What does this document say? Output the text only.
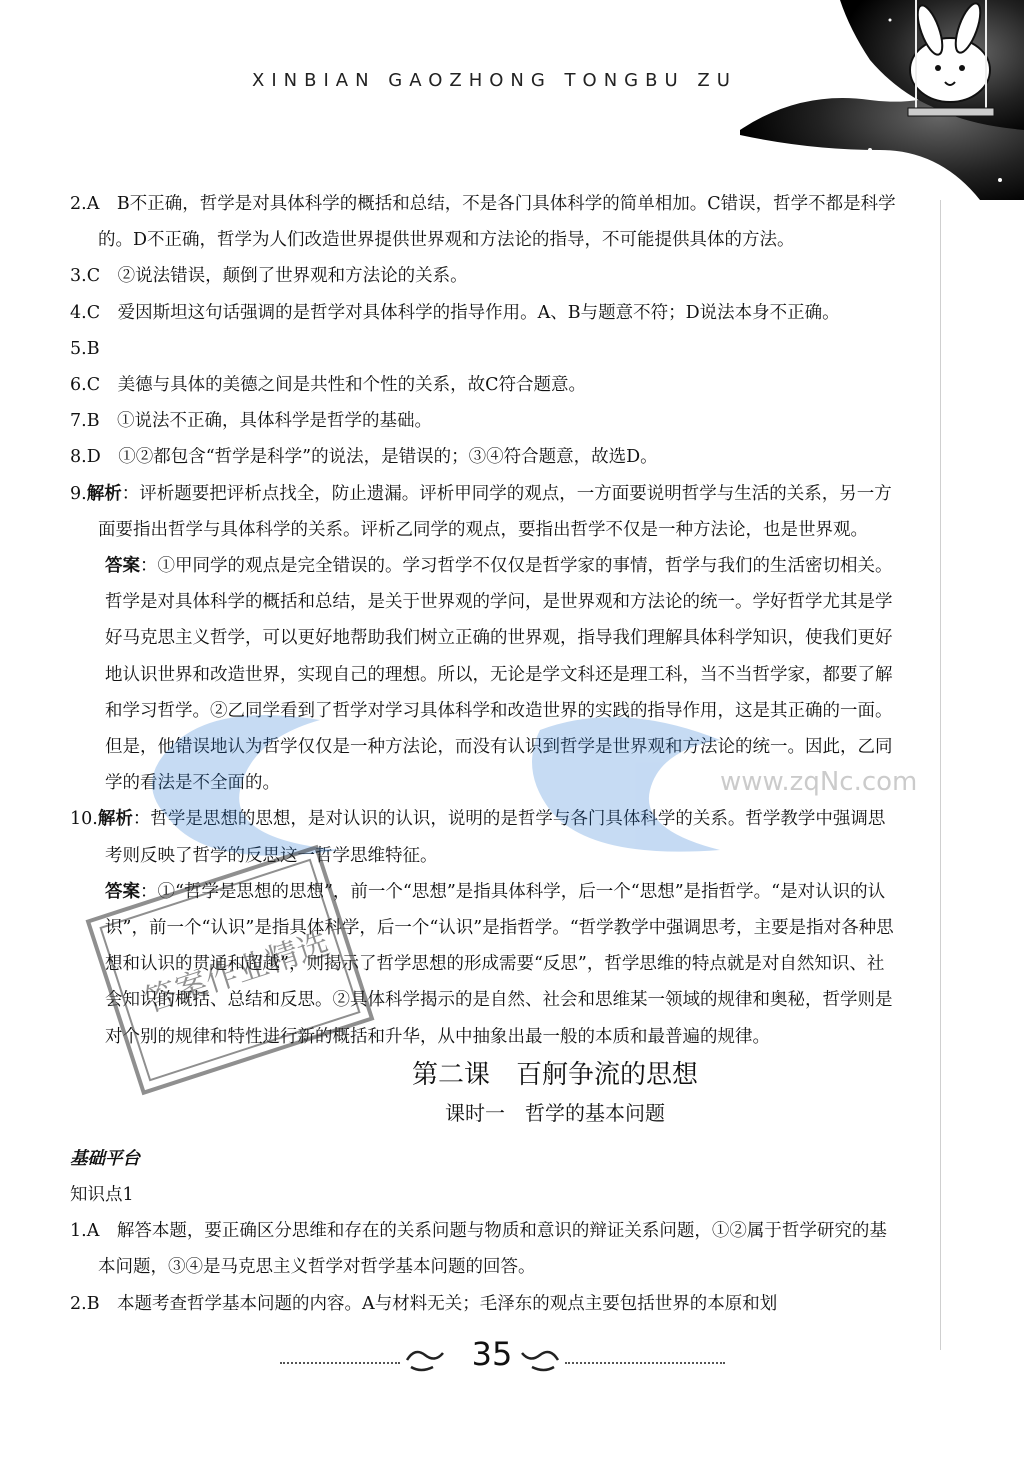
XINBIAN GAOZHONG TONGBU ZU

2.A　B不正确，哲学是对具体科学的概括和总结，不是各门具体科学的简单相加。C错误，哲学不都是科学的。D不正确，哲学为人们改造世界提供世界观和方法论的指导，不可能提供具体的方法。

3.C　②说法错误，颠倒了世界观和方法论的关系。

4.C　爱因斯坦这句话强调的是哲学对具体科学的指导作用。A、B与题意不符；D说法本身不正确。

5.B

6.C　美德与具体的美德之间是共性和个性的关系，故C符合题意。

7.B　①说法不正确，具体科学是哲学的基础。

8.D　①②都包含“哲学是科学”的说法，是错误的；③④符合题意，故选D。

9.解析：评析题要把评析点找全，防止遗漏。评析甲同学的观点，一方面要说明哲学与生活的关系，另一方面要指出哲学与具体科学的关系。评析乙同学的观点，要指出哲学不仅是一种方法论，也是世界观。

答案：①甲同学的观点是完全错误的。学习哲学不仅仅是哲学家的事情，哲学与我们的生活密切相关。哲学是对具体科学的概括和总结，是关于世界观的学问，是世界观和方法论的统一。学好哲学尤其是学好马克思主义哲学，可以更好地帮助我们树立正确的世界观，指导我们理解具体科学知识，使我们更好地认识世界和改造世界，实现自己的理想。所以，无论是学文科还是理工科，当不当哲学家，都要了解和学习哲学。②乙同学看到了哲学对学习具体科学和改造世界的实践的指导作用，这是其正确的一面。但是，他错误地认为哲学仅仅是一种方法论，而没有认识到哲学是世界观和方法论的统一。因此，乙同学的看法是不全面的。

10.解析：哲学是思想的思想，是对认识的认识，说明的是哲学与各门具体科学的关系。哲学教学中强调思考则反映了哲学的反思这一哲学思维特征。

答案：①“哲学是思想的思想”，前一个“思想”是指具体科学，后一个“思想”是指哲学。“是对认识的认识”，前一个“认识”是指具体科学，后一个“认识”是指哲学。“哲学教学中强调思考，主要是指对各种思想和认识的贯通和超越”，则揭示了哲学思想的形成需要“反思”，哲学思维的特点就是对自然知识、社会知识的概括、总结和反思。②具体科学揭示的是自然、社会和思维某一领域的规律和奥秘，哲学则是对个别的规律和特性进行新的概括和升华，从中抽象出最一般的本质和最普遍的规律。

第二课　百舸争流的思想

课时一　哲学的基本问题

基础平台

知识点1

1.A　解答本题，要正确区分思维和存在的关系问题与物质和意识的辩证关系问题，①②属于哲学研究的基本问题，③④是马克思主义哲学对哲学基本问题的回答。

2.B　本题考查哲学基本问题的内容。A与材料无关；毛泽东的观点主要包括世界的本原和划

www.zqNc.com
答案作业精选
35
